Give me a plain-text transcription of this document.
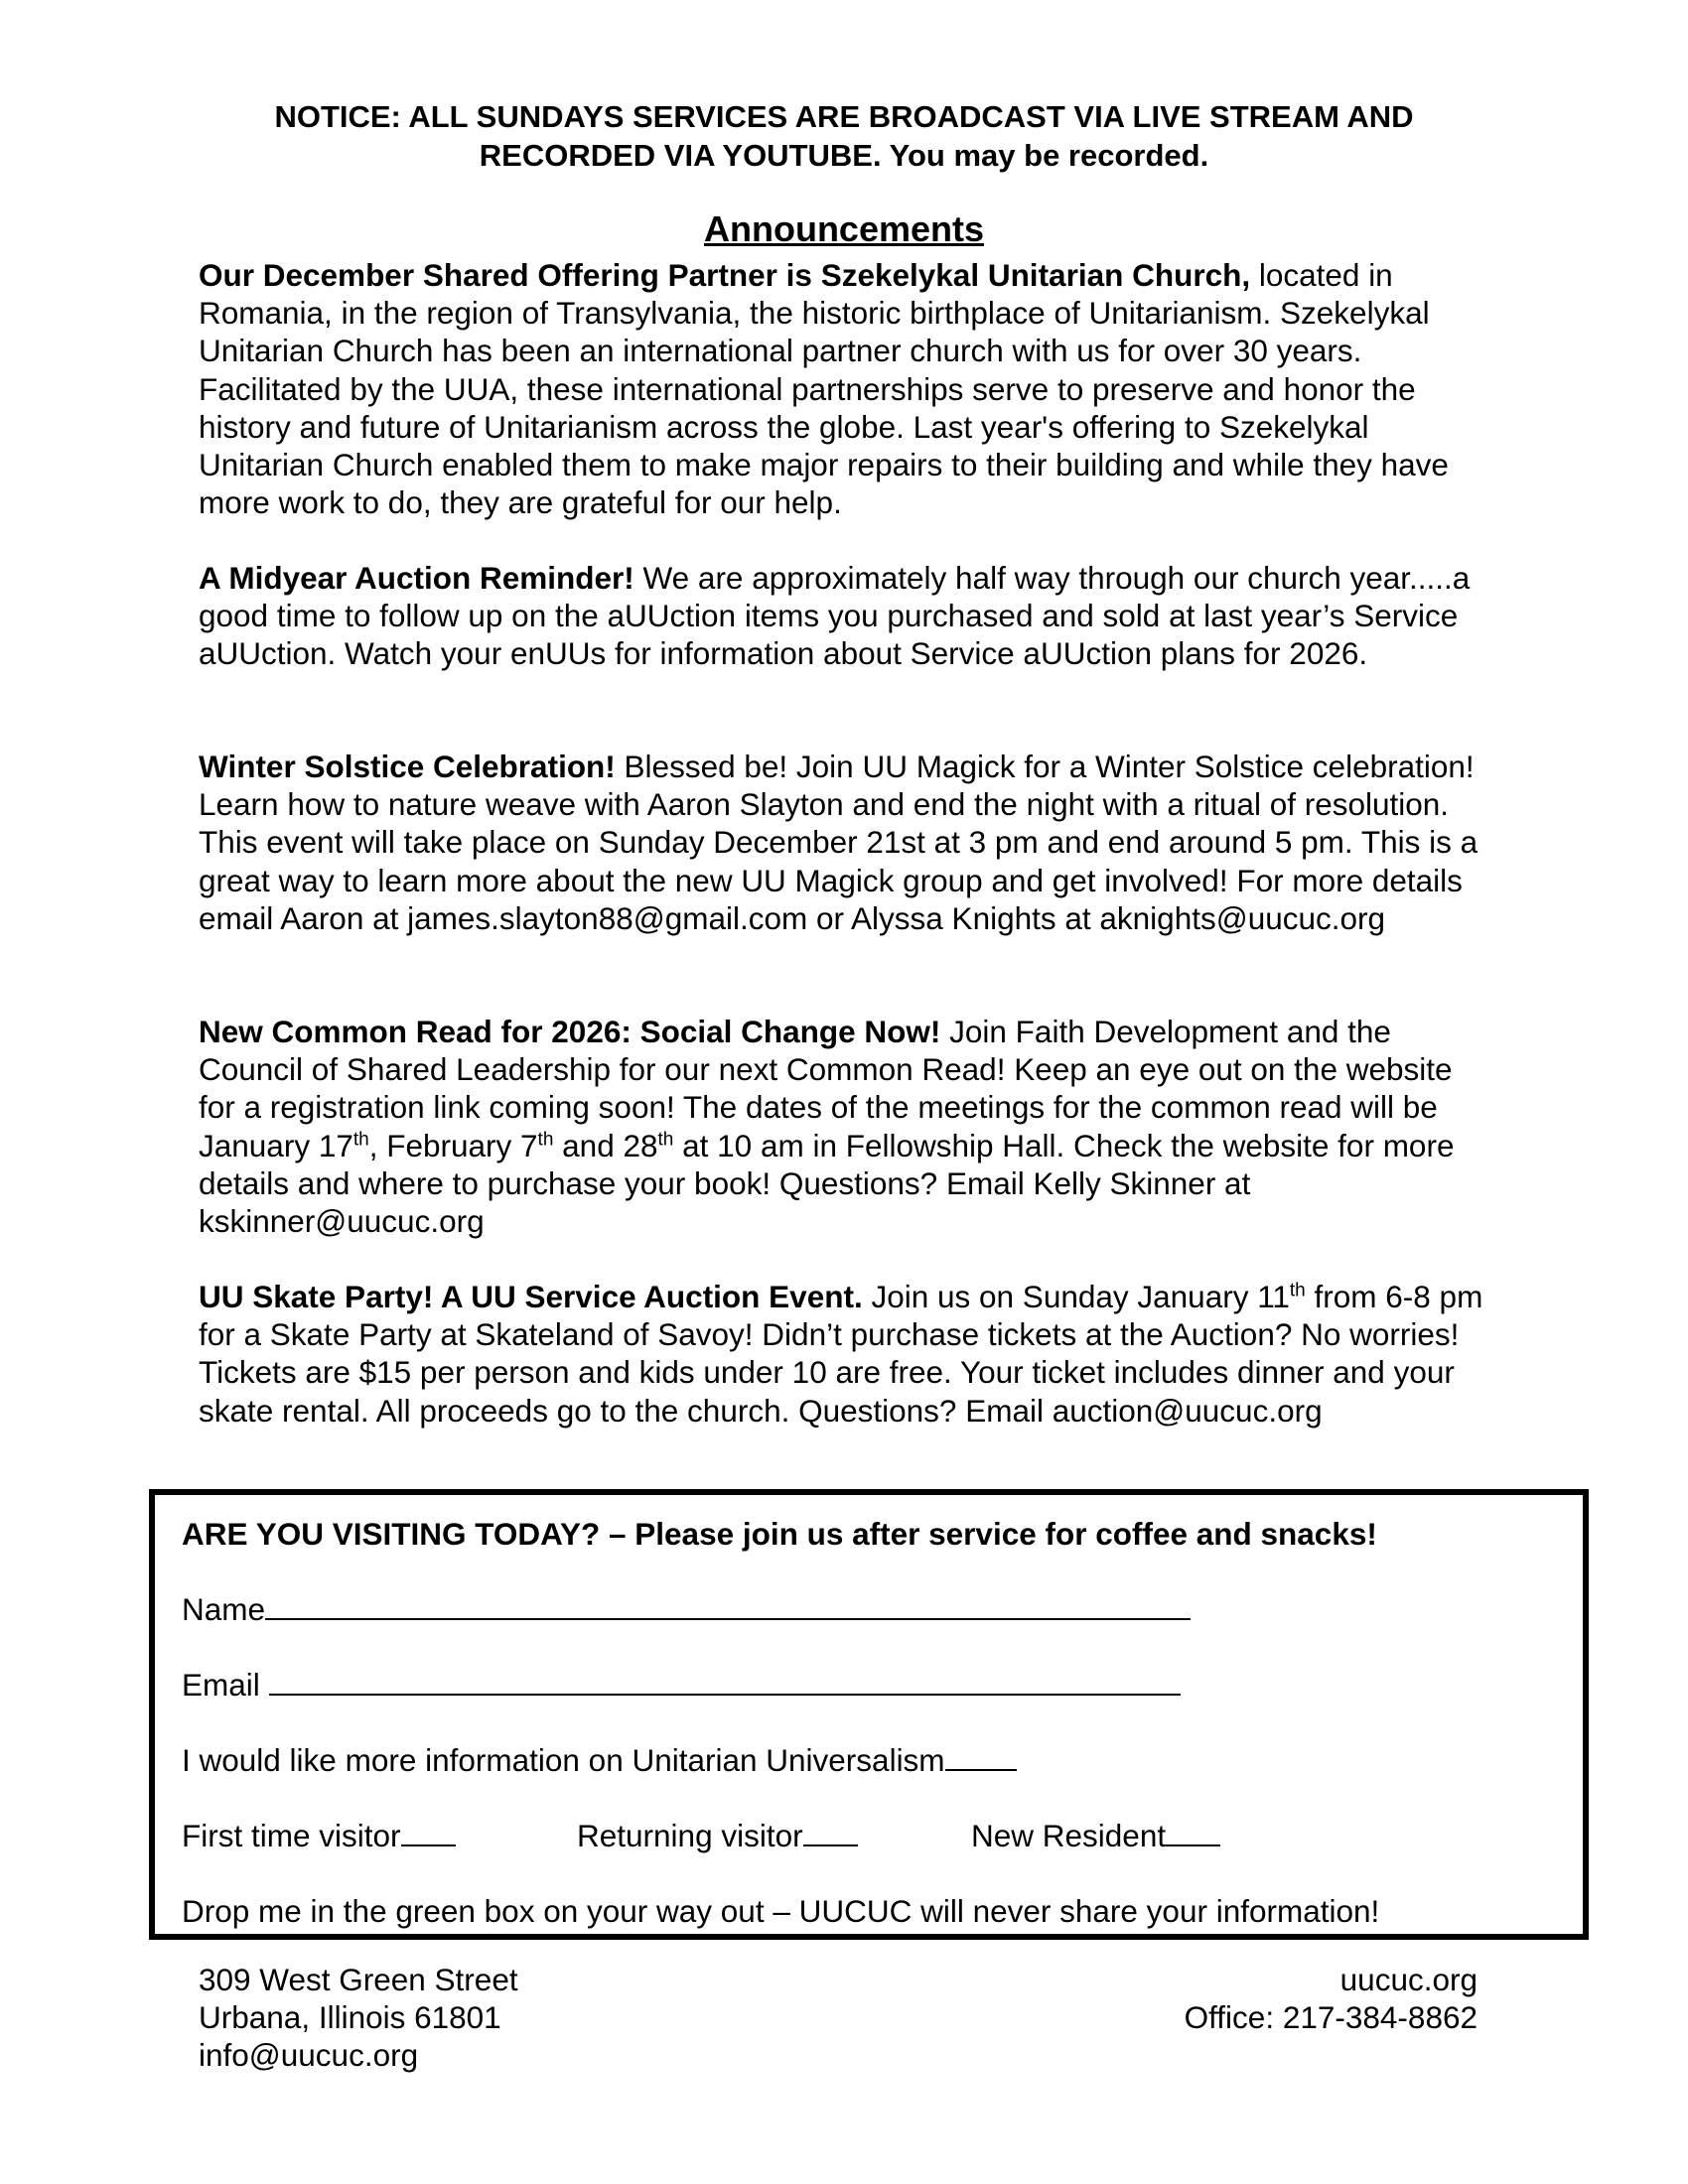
NOTICE: ALL SUNDAYS SERVICES ARE BROADCAST VIA LIVE STREAM AND
RECORDED VIA YOUTUBE. You may be recorded.
Announcements

Our December Shared Offering Partner is Szekelykal Unitarian Church, located in Romania, in the region of Transylvania, the historic birthplace of Unitarianism. Szekelykal Unitarian Church has been an international partner church with us for over 30 years. Facilitated by the UUA, these international partnerships serve to preserve and honor the history and future of Unitarianism across the globe. Last year's offering to Szekelykal Unitarian Church enabled them to make major repairs to their building and while they have more work to do, they are grateful for our help.

A Midyear Auction Reminder! We are approximately half way through our church year.....a good time to follow up on the aUUction items you purchased and sold at last year’s Service aUUction. Watch your enUUs for information about Service aUUction plans for 2026.

Winter Solstice Celebration! Blessed be! Join UU Magick for a Winter Solstice celebration! Learn how to nature weave with Aaron Slayton and end the night with a ritual of resolution. This event will take place on Sunday December 21st at 3 pm and end around 5 pm. This is a great way to learn more about the new UU Magick group and get involved! For more details email Aaron at james.slayton88@gmail.com or Alyssa Knights at aknights@uucuc.org

New Common Read for 2026: Social Change Now! Join Faith Development and the Council of Shared Leadership for our next Common Read! Keep an eye out on the website for a registration link coming soon! The dates of the meetings for the common read will be January 17th, February 7th and 28th at 10 am in Fellowship Hall. Check the website for more details and where to purchase your book! Questions? Email Kelly Skinner at kskinner@uucuc.org

UU Skate Party! A UU Service Auction Event. Join us on Sunday January 11th from 6-8 pm for a Skate Party at Skateland of Savoy! Didn’t purchase tickets at the Auction? No worries! Tickets are $15 per person and kids under 10 are free. Your ticket includes dinner and your skate rental. All proceeds go to the church. Questions? Email auction@uucuc.org

ARE YOU VISITING TODAY? – Please join us after service for coffee and snacks!
Name
Email
I would like more information on Unitarian Universalism
First time visitor	Returning visitor	New Resident
Drop me in the green box on your way out – UUCUC will never share your information!
309 West Green Street
Urbana, Illinois 61801
info@uucuc.org
uucuc.org
Office: 217-384-8862
